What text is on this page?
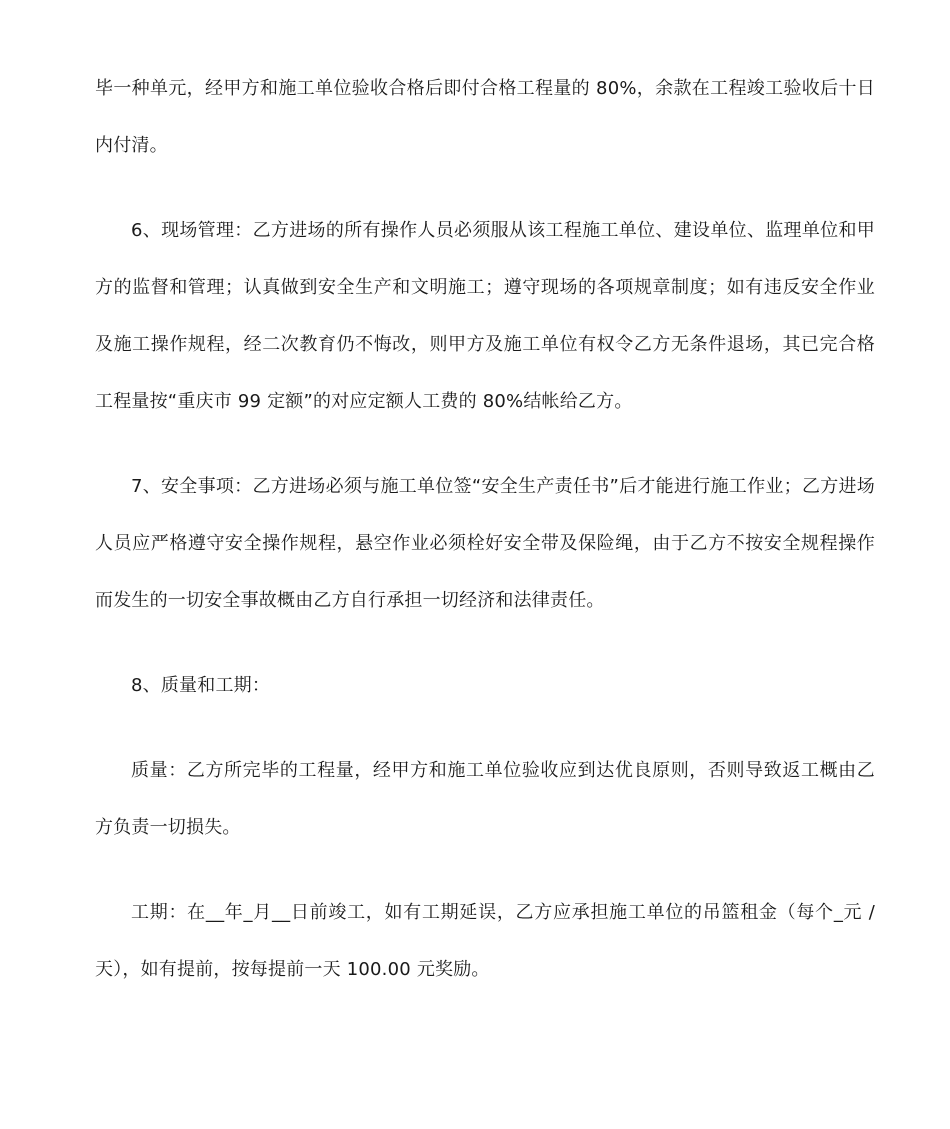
毕一种单元，经甲方和施工单位验收合格后即付合格工程量的 80%，余款在工程竣工验收后十日内付清。

6、现场管理：乙方进场的所有操作人员必须服从该工程施工单位、建设单位、监理单位和甲方的监督和管理；认真做到安全生产和文明施工；遵守现场的各项规章制度；如有违反安全作业及施工操作规程，经二次教育仍不悔改，则甲方及施工单位有权令乙方无条件退场，其已完合格工程量按“重庆市 99 定额”的对应定额人工费的 80%结帐给乙方。

7、安全事项：乙方进场必须与施工单位签“安全生产责任书”后才能进行施工作业；乙方进场人员应严格遵守安全操作规程，悬空作业必须栓好安全带及保险绳，由于乙方不按安全规程操作而发生的一切安全事故概由乙方自行承担一切经济和法律责任。

8、质量和工期：

质量：乙方所完毕的工程量，经甲方和施工单位验收应到达优良原则，否则导致返工概由乙方负责一切损失。

工期：在__年_月__日前竣工，如有工期延误，乙方应承担施工单位的吊篮租金（每个_元 / 天），如有提前，按每提前一天 100.00 元奖励。
